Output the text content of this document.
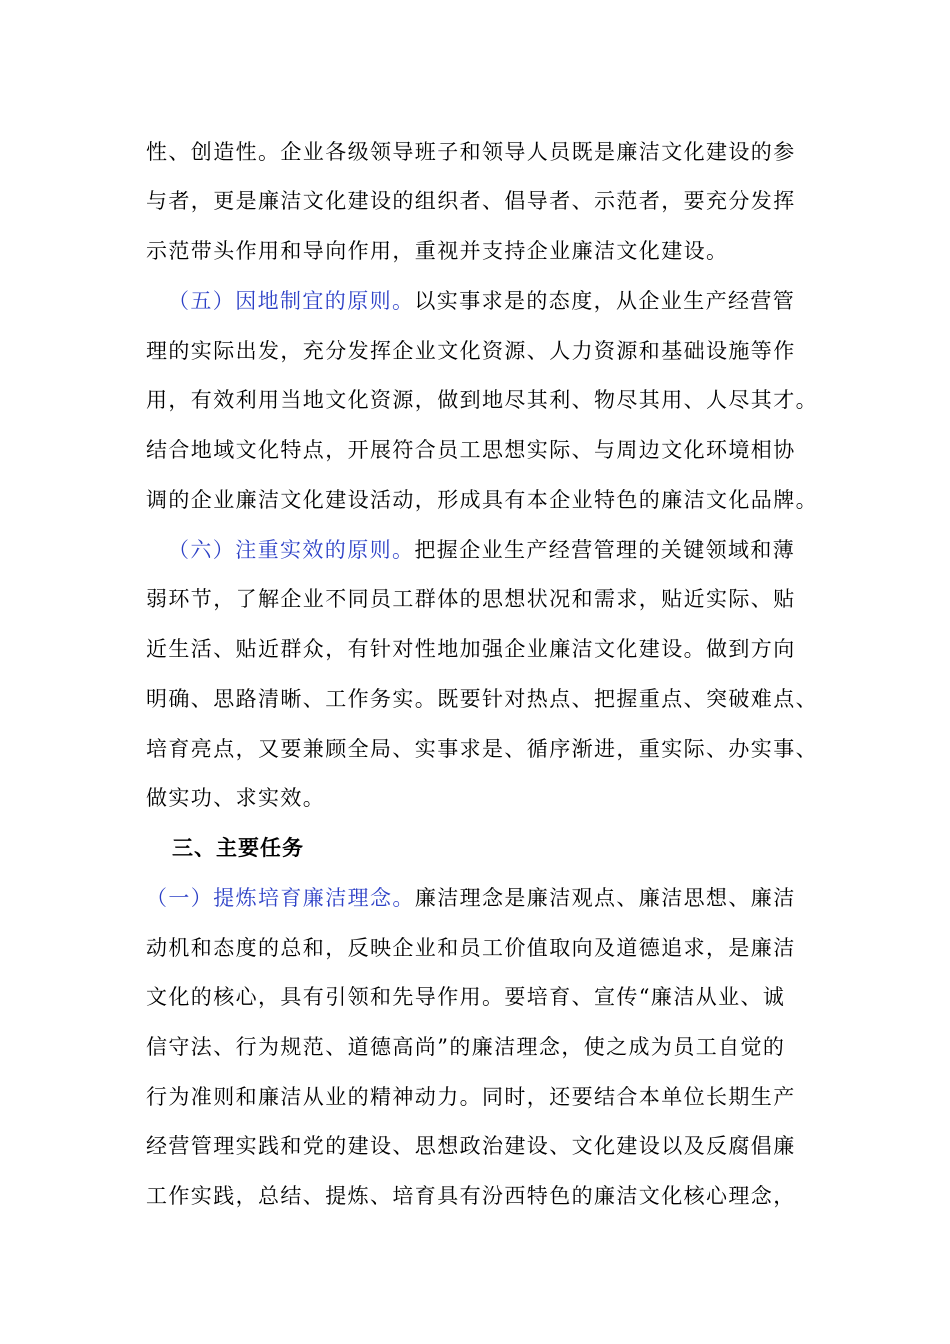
性、创造性。企业各级领导班子和领导人员既是廉洁文化建设的参
与者，更是廉洁文化建设的组织者、倡导者、示范者，要充分发挥
示范带头作用和导向作用，重视并支持企业廉洁文化建设。
（五）因地制宜的原则。以实事求是的态度，从企业生产经营管
理的实际出发，充分发挥企业文化资源、人力资源和基础设施等作
用，有效利用当地文化资源，做到地尽其利、物尽其用、人尽其才。
结合地域文化特点，开展符合员工思想实际、与周边文化环境相协
调的企业廉洁文化建设活动，形成具有本企业特色的廉洁文化品牌。
（六）注重实效的原则。把握企业生产经营管理的关键领域和薄
弱环节，了解企业不同员工群体的思想状况和需求，贴近实际、贴
近生活、贴近群众，有针对性地加强企业廉洁文化建设。做到方向
明确、思路清晰、工作务实。既要针对热点、把握重点、突破难点、
培育亮点，又要兼顾全局、实事求是、循序渐进，重实际、办实事、
做实功、求实效。
三、主要任务
（一）提炼培育廉洁理念。廉洁理念是廉洁观点、廉洁思想、廉洁
动机和态度的总和，反映企业和员工价值取向及道德追求，是廉洁
文化的核心，具有引领和先导作用。要培育、宣传“廉洁从业、诚
信守法、行为规范、道德高尚”的廉洁理念，使之成为员工自觉的
行为准则和廉洁从业的精神动力。同时，还要结合本单位长期生产
经营管理实践和党的建设、思想政治建设、文化建设以及反腐倡廉
工作实践，总结、提炼、培育具有汾西特色的廉洁文化核心理念，
